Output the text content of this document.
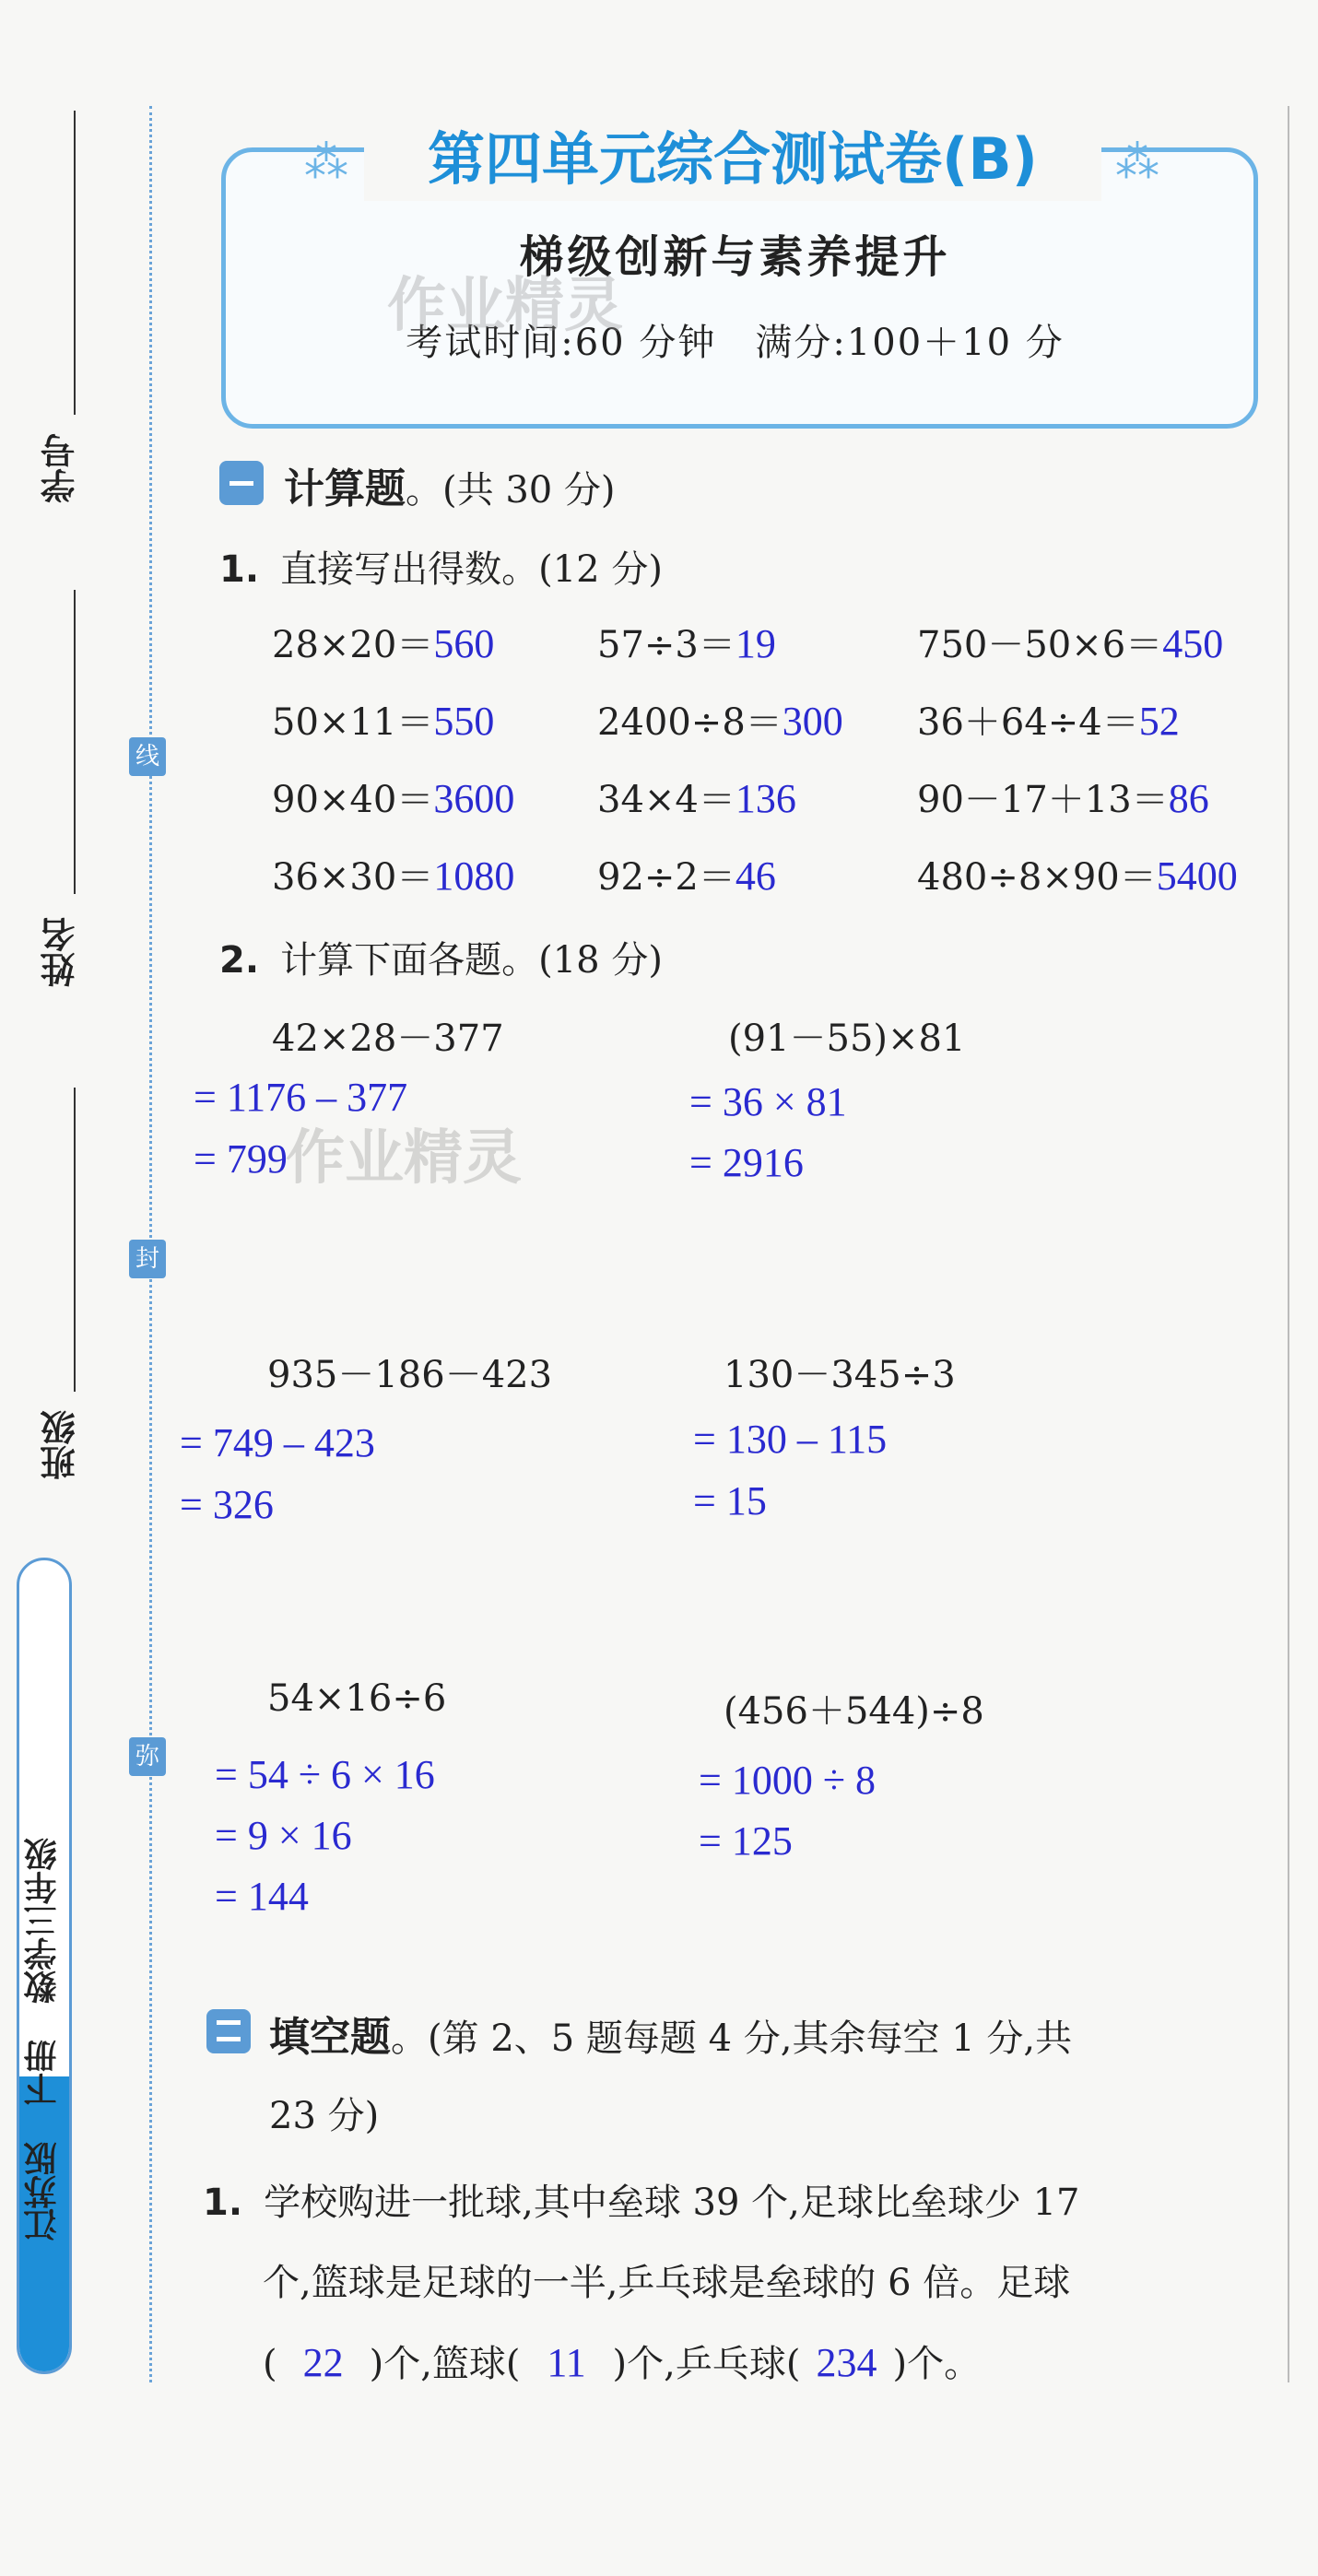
学号
姓名
班级
江苏版  下册  数学三年级  亮点给力大试卷
线
封
弥
第四单元综合测试卷(B)
⁂	⁂
梯级创新与素养提升
考试时间:60 分钟　满分:100＋10 分
作业精灵
计算题。(共 30 分)
1. 直接写出得数。(12 分)
28×20＝560	57÷3＝19	750－50×6＝450
50×11＝550	2400÷8＝300 36＋64÷4＝52
90×40＝3600 34×4＝136	90－17＋13＝86
36×30＝1080 92÷2＝46	480÷8×90＝5400
2. 计算下面各题。(18 分)
42×28－377
= 1176 – 377
= 799
(91－55)×81
= 36 × 81
= 2916
作业精灵
935－186－423
= 749 – 423
= 326
130－345÷3
= 130 – 115
= 15
54×16÷6
= 54 ÷ 6 × 16
= 9 × 16
= 144
(456＋544)÷8
= 1000 ÷ 8
= 125
填空题。(第 2、5 题每题 4 分,其余每空 1 分,共
23 分)
1. 学校购进一批球,其中垒球 39 个,足球比垒球少 17
个,篮球是足球的一半,乒乓球是垒球的 6 倍。足球
( 22 )个,篮球( 11 )个,乒乓球( 234 )个。
